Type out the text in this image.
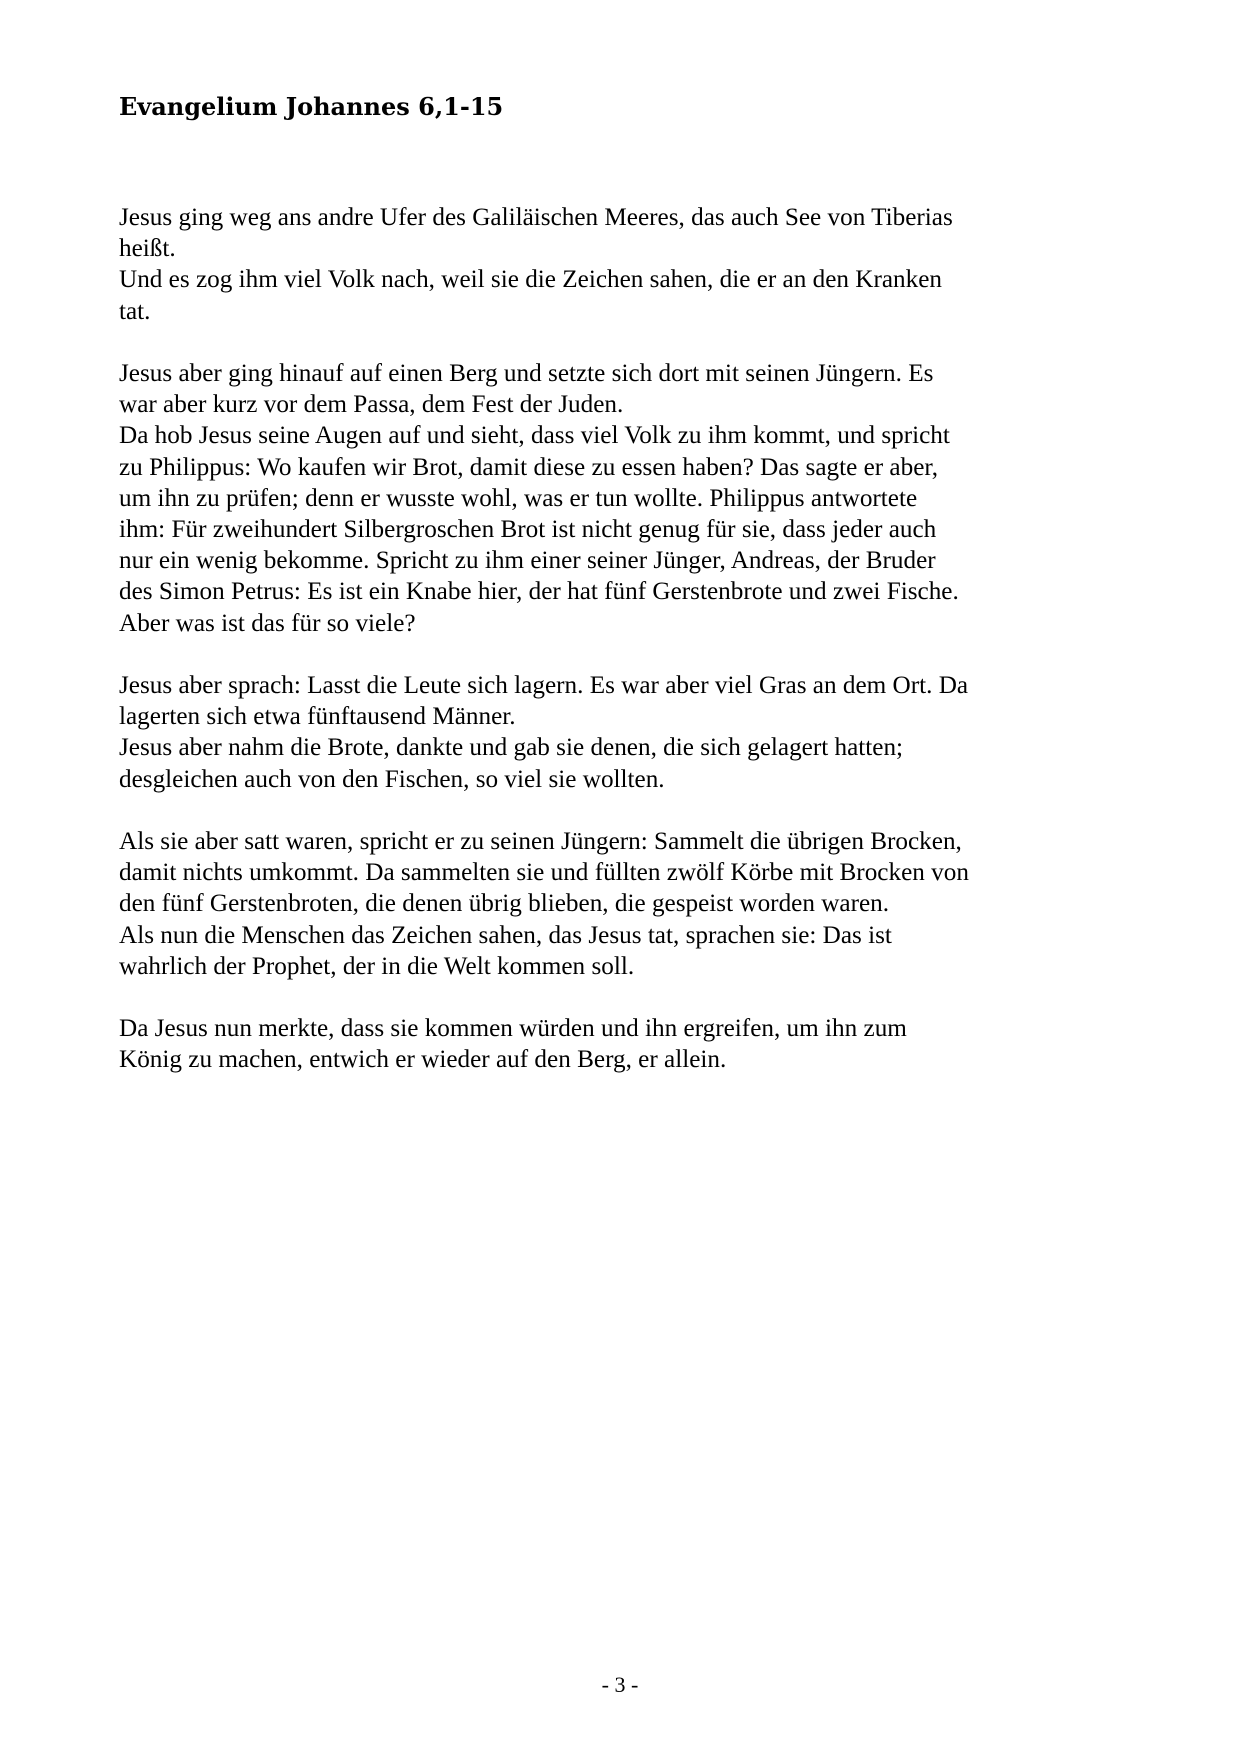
Evangelium Johannes 6,1-15

Jesus ging weg ans andre Ufer des Galiläischen Meeres, das auch See von Tiberias
heißt.
Und es zog ihm viel Volk nach, weil sie die Zeichen sahen, die er an den Kranken
tat.

Jesus aber ging hinauf auf einen Berg und setzte sich dort mit seinen Jüngern. Es
war aber kurz vor dem Passa, dem Fest der Juden.
Da hob Jesus seine Augen auf und sieht, dass viel Volk zu ihm kommt, und spricht
zu Philippus: Wo kaufen wir Brot, damit diese zu essen haben? Das sagte er aber,
um ihn zu prüfen; denn er wusste wohl, was er tun wollte. Philippus antwortete
ihm: Für zweihundert Silbergroschen Brot ist nicht genug für sie, dass jeder auch
nur ein wenig bekomme. Spricht zu ihm einer seiner Jünger, Andreas, der Bruder
des Simon Petrus: Es ist ein Knabe hier, der hat fünf Gerstenbrote und zwei Fische.
Aber was ist das für so viele?

Jesus aber sprach: Lasst die Leute sich lagern. Es war aber viel Gras an dem Ort. Da
lagerten sich etwa fünftausend Männer.
Jesus aber nahm die Brote, dankte und gab sie denen, die sich gelagert hatten;
desgleichen auch von den Fischen, so viel sie wollten.

Als sie aber satt waren, spricht er zu seinen Jüngern: Sammelt die übrigen Brocken,
damit nichts umkommt. Da sammelten sie und füllten zwölf Körbe mit Brocken von
den fünf Gerstenbroten, die denen übrig blieben, die gespeist worden waren.
Als nun die Menschen das Zeichen sahen, das Jesus tat, sprachen sie: Das ist
wahrlich der Prophet, der in die Welt kommen soll.

Da Jesus nun merkte, dass sie kommen würden und ihn ergreifen, um ihn zum
König zu machen, entwich er wieder auf den Berg, er allein.

- 3 -
